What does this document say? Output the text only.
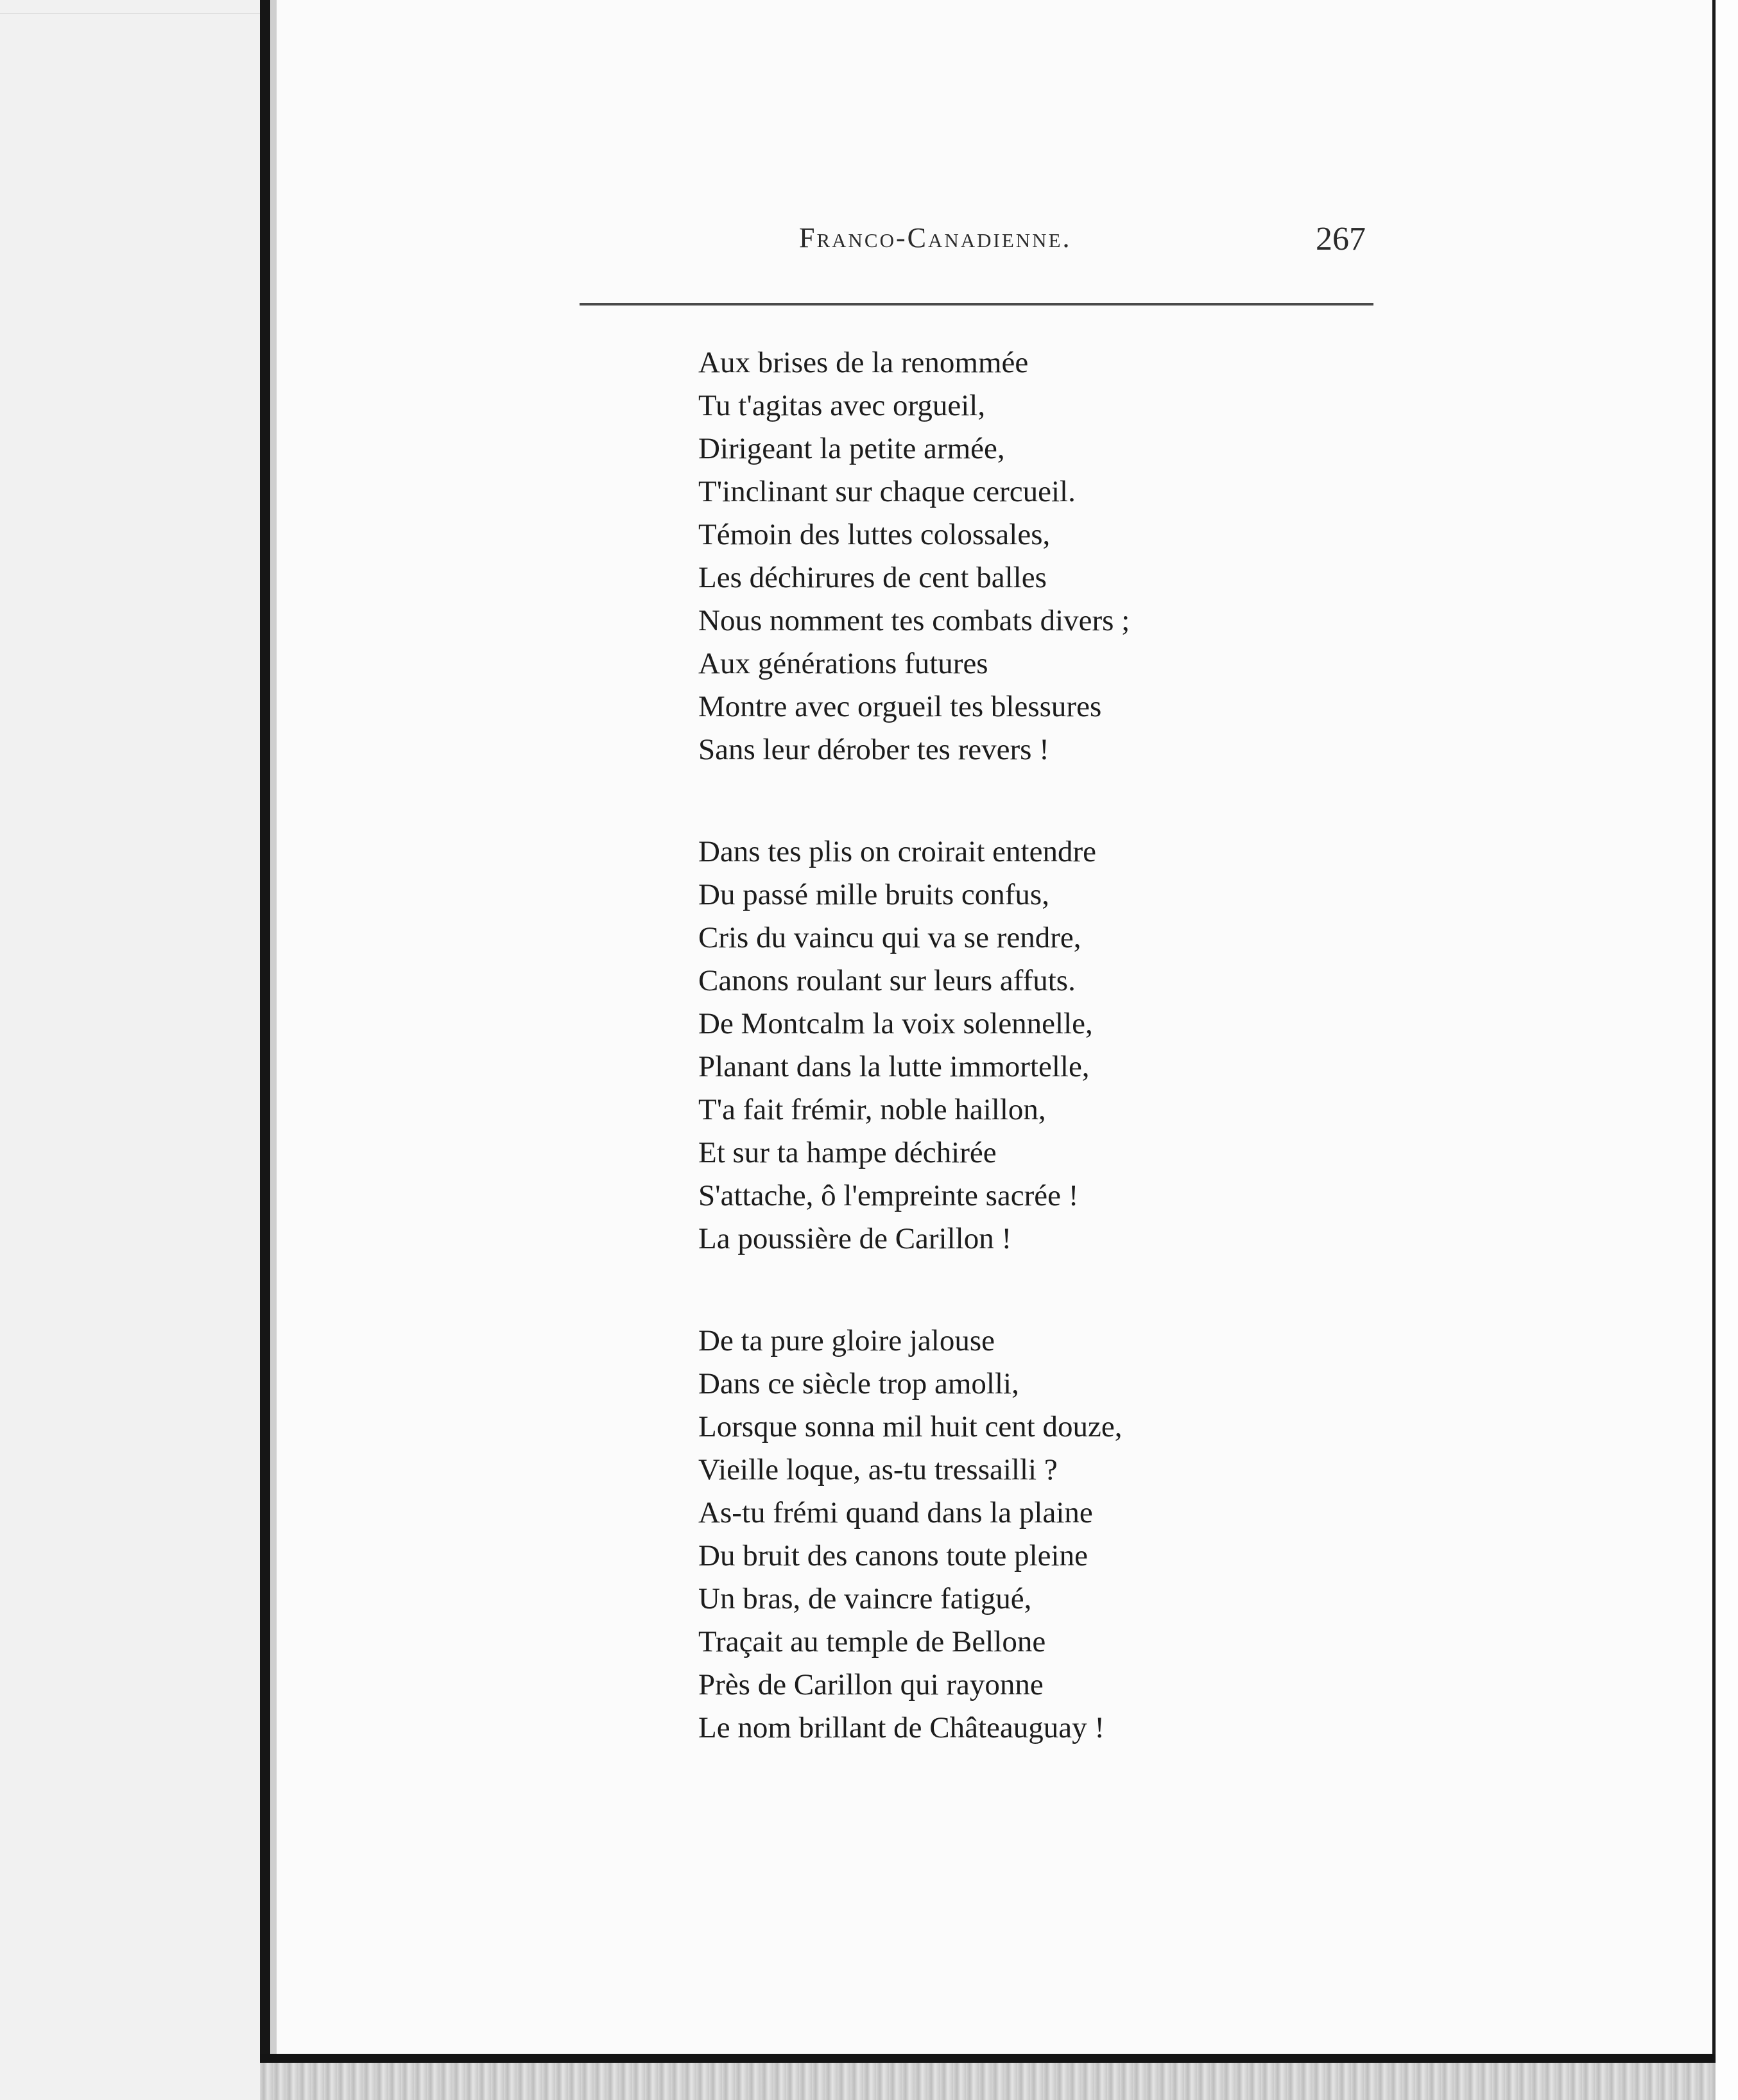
Franco-Canadienne.	267
Aux brises de la renommée
Tu t'agitas avec orgueil,
Dirigeant la petite armée,
T'inclinant sur chaque cercueil.
Témoin des luttes colossales,
Les déchirures de cent balles
Nous nomment tes combats divers ;
Aux générations futures
Montre avec orgueil tes blessures
Sans leur dérober tes revers !
Dans tes plis on croirait entendre
Du passé mille bruits confus,
Cris du vaincu qui va se rendre,
Canons roulant sur leurs affuts.
De Montcalm la voix solennelle,
Planant dans la lutte immortelle,
T'a fait frémir, noble haillon,
Et sur ta hampe déchirée
S'attache, ô l'empreinte sacrée !
La poussière de Carillon !
De ta pure gloire jalouse
Dans ce siècle trop amolli,
Lorsque sonna mil huit cent douze,
Vieille loque, as-tu tressailli ?
As-tu frémi quand dans la plaine
Du bruit des canons toute pleine
Un bras, de vaincre fatigué,
Traçait au temple de Bellone
Près de Carillon qui rayonne
Le nom brillant de Châteauguay !
